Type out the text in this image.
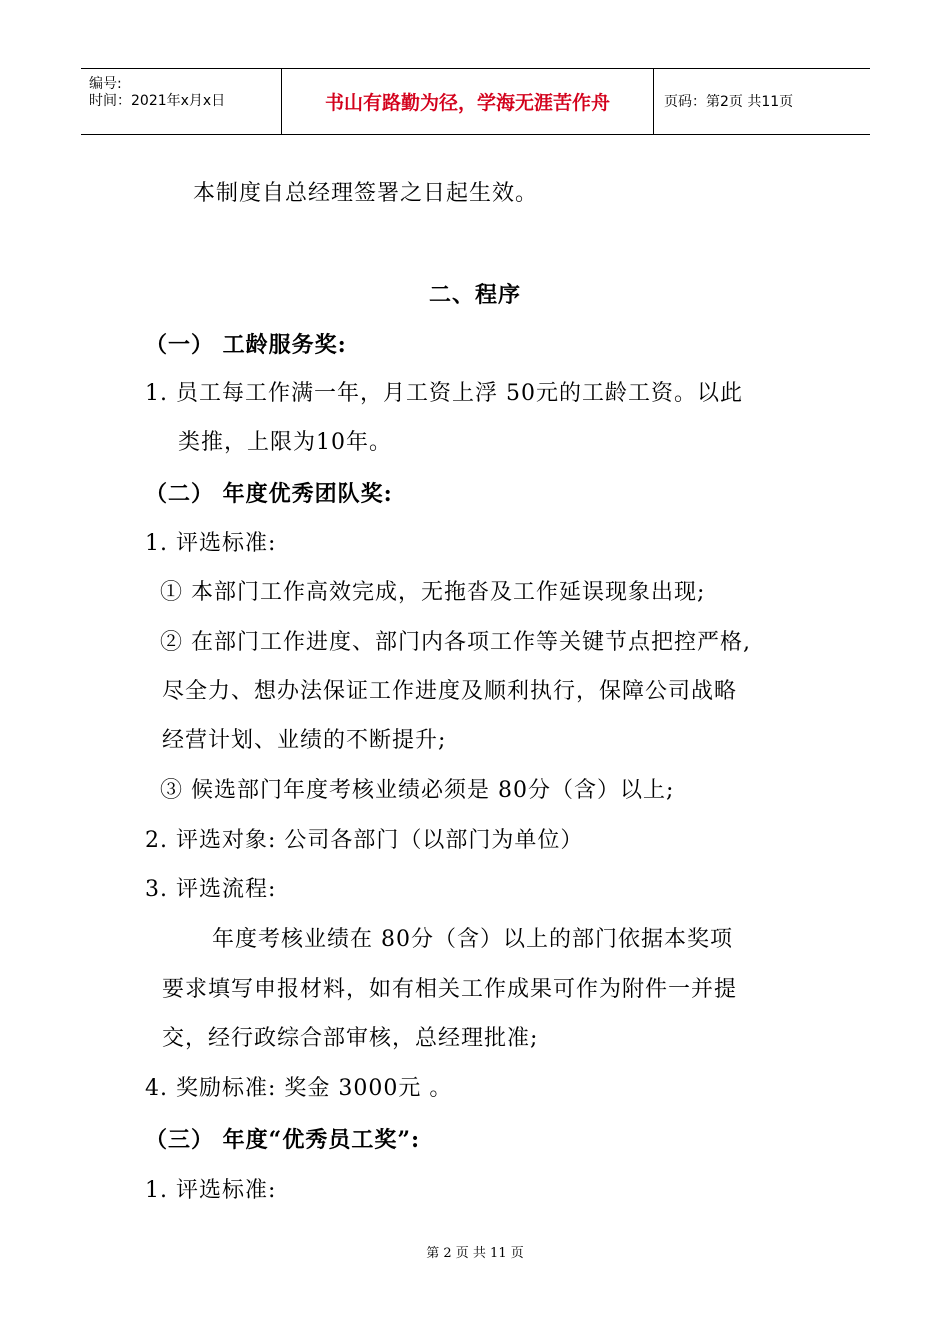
编号:
时间：2021年x月x日	书山有路勤为径，学海无涯苦作舟	页码：第2页 共11页
本制度自总经理签署之日起生效。
二、程序
（一） 工龄服务奖:
1. 员工每工作满一年，月工资上浮 50元的工龄工资。以此
类推，上限为10年。
（二） 年度优秀团队奖:
1. 评选标准:
① 本部门工作高效完成，无拖沓及工作延误现象出现;
② 在部门工作进度、部门内各项工作等关键节点把控严格,
尽全力、想办法保证工作进度及顺利执行，保障公司战略
经营计划、业绩的不断提升;
③ 候选部门年度考核业绩必须是 80分（含）以上;
2. 评选对象: 公司各部门（以部门为单位）
3. 评选流程:
年度考核业绩在 80分（含）以上的部门依据本奖项
要求填写申报材料，如有相关工作成果可作为附件一并提
交，经行政综合部审核，总经理批准;
4. 奖励标准: 奖金 3000元 。
（三） 年度“优秀员工奖”:
1. 评选标准:
第 2 页 共 11 页
